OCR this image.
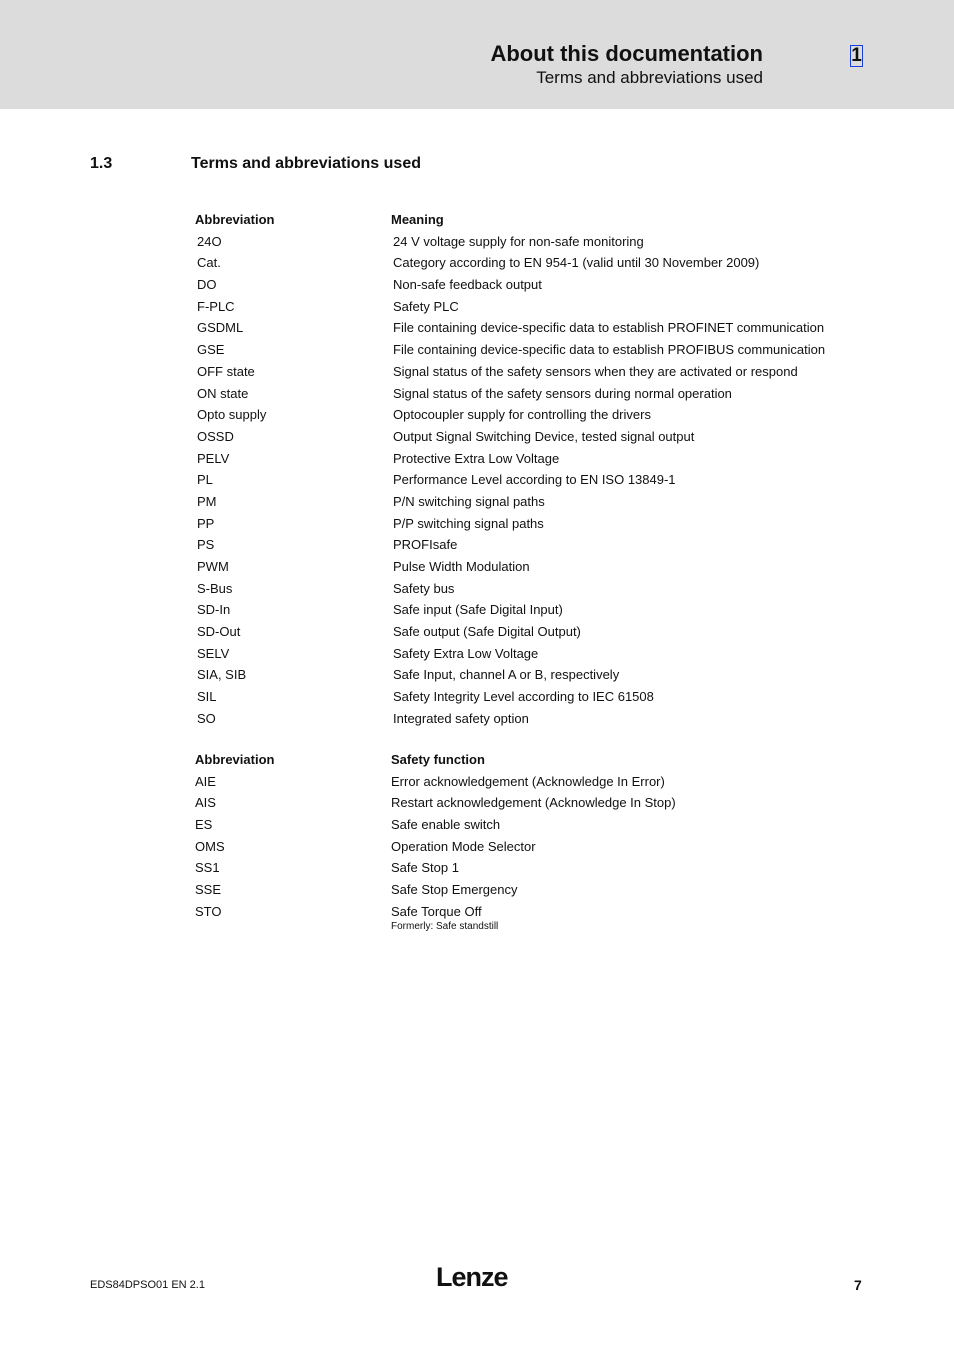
About this documentation
Terms and abbreviations used
1
1.3	Terms and abbreviations used
Abbreviation	Meaning
24O	24 V voltage supply for non-safe monitoring
Cat.	Category according to EN 954-1 (valid until 30 November 2009)
DO	Non-safe feedback output
F-PLC	Safety PLC
GSDML	File containing device-specific data to establish PROFINET communication
GSE	File containing device-specific data to establish PROFIBUS communication
OFF state	Signal status of the safety sensors when they are activated or respond
ON state	Signal status of the safety sensors during normal operation
Opto supply	Optocoupler supply for controlling the drivers
OSSD	Output Signal Switching Device, tested signal output
PELV	Protective Extra Low Voltage
PL	Performance Level according to EN ISO 13849-1
PM	P/N switching signal paths
PP	P/P switching signal paths
PS	PROFIsafe
PWM	Pulse Width Modulation
S-Bus	Safety bus
SD-In	Safe input (Safe Digital Input)
SD-Out	Safe output (Safe Digital Output)
SELV	Safety Extra Low Voltage
SIA, SIB	Safe Input, channel A or B, respectively
SIL	Safety Integrity Level according to IEC 61508
SO	Integrated safety option
Abbreviation	Safety function
AIE	Error acknowledgement (Acknowledge In Error)
AIS	Restart acknowledgement (Acknowledge In Stop)
ES	Safe enable switch
OMS	Operation Mode Selector
SS1	Safe Stop 1
SSE	Safe Stop Emergency
STO	Safe Torque Off
Formerly: Safe standstill
EDS84DPSO01 EN 2.1	Lenze	7
